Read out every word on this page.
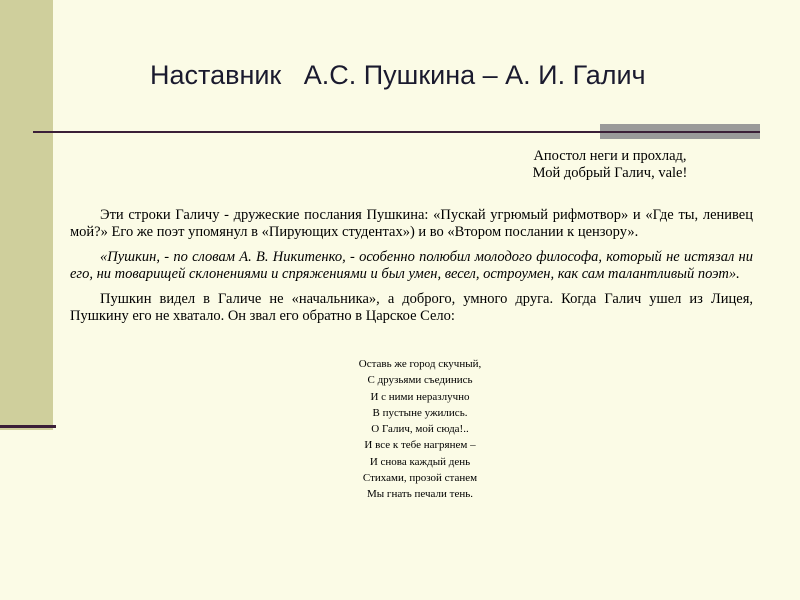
Наставник   А.С. Пушкина – А. И. Галич
Апостол неги и прохлад,
Мой добрый Галич, vale!

Эти строки Галичу - дружеские послания Пушкина: «Пускай угрюмый рифмотвор» и «Где ты, ленивец мой?» Его же поэт упомянул в «Пирующих студентах») и во «Втором послании к цензору».

«Пушкин, - по словам А. В. Никитенко, - особенно полюбил молодого философа, который не истязал ни его, ни товарищей склонениями и спряжениями и был умен, весел, остроумен, как сам талантливый поэт».

Пушкин видел в Галиче не «начальника», а доброго, умного друга. Когда Галич ушел из Лицея, Пушкину его не хватало. Он звал его обратно в Царское Село:

Оставь же город скучный,
С друзьями съединись
И с ними неразлучно
В пустыне ужились.
О Галич, мой сюда!..
И все к тебе нагрянем –
И снова каждый день
Стихами, прозой станем
Мы гнать печали тень.
